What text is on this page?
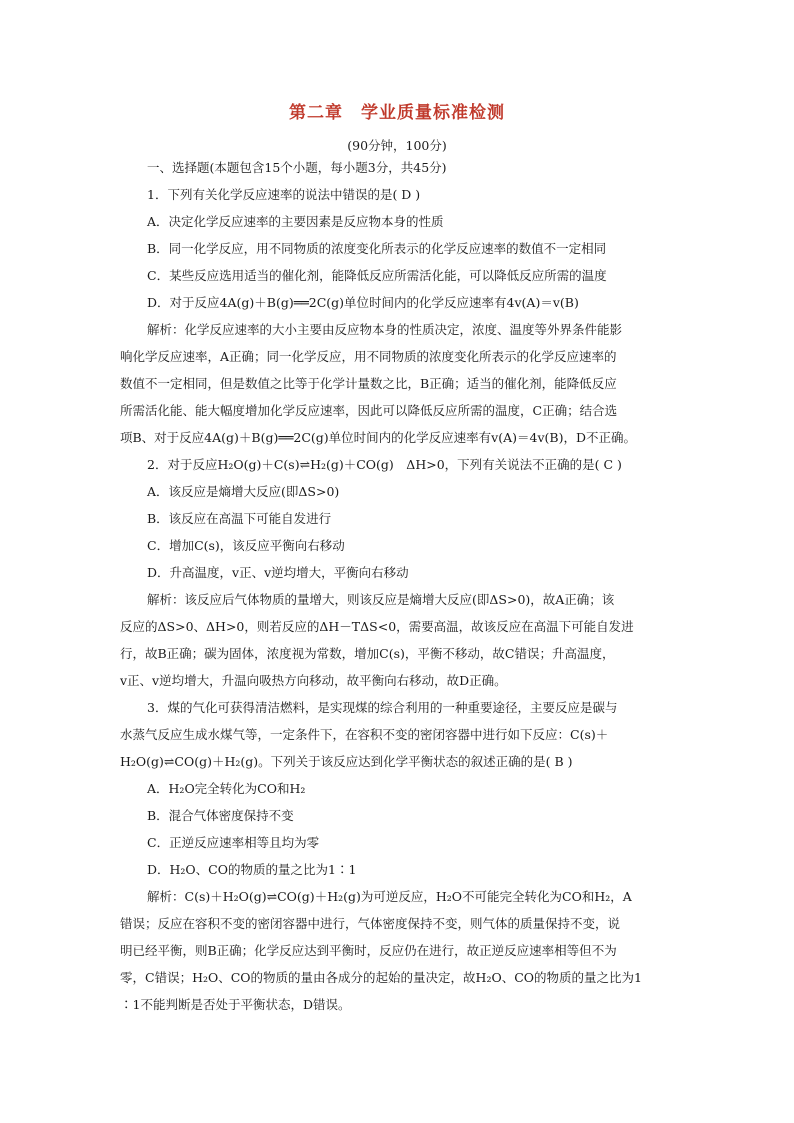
第二章　学业质量标准检测
(90分钟，100分)
一、选择题(本题包含15个小题，每小题3分，共45分)
1．下列有关化学反应速率的说法中错误的是( D )
A．决定化学反应速率的主要因素是反应物本身的性质
B．同一化学反应，用不同物质的浓度变化所表示的化学反应速率的数值不一定相同
C．某些反应选用适当的催化剂，能降低反应所需活化能，可以降低反应所需的温度
D．对于反应4A(g)＋B(g)══2C(g)单位时间内的化学反应速率有4v(A)＝v(B)
解析：化学反应速率的大小主要由反应物本身的性质决定，浓度、温度等外界条件能影
响化学反应速率，A正确；同一化学反应，用不同物质的浓度变化所表示的化学反应速率的
数值不一定相同，但是数值之比等于化学计量数之比，B正确；适当的催化剂，能降低反应
所需活化能、能大幅度增加化学反应速率，因此可以降低反应所需的温度，C正确；结合选
项B、对于反应4A(g)＋B(g)══2C(g)单位时间内的化学反应速率有v(A)＝4v(B)，D不正确。
2．对于反应H₂O(g)＋C(s)⇌H₂(g)＋CO(g)　ΔH>0，下列有关说法不正确的是( C )
A．该反应是熵增大反应(即ΔS>0)
B．该反应在高温下可能自发进行
C．增加C(s)，该反应平衡向右移动
D．升高温度，v正、v逆均增大，平衡向右移动
解析：该反应后气体物质的量增大，则该反应是熵增大反应(即ΔS>0)，故A正确；该
反应的ΔS>0、ΔH>0，则若反应的ΔH－TΔS<0，需要高温，故该反应在高温下可能自发进
行，故B正确；碳为固体，浓度视为常数，增加C(s)，平衡不移动，故C错误；升高温度，
v正、v逆均增大，升温向吸热方向移动，故平衡向右移动，故D正确。
3．煤的气化可获得清洁燃料，是实现煤的综合利用的一种重要途径，主要反应是碳与
水蒸气反应生成水煤气等，一定条件下，在容积不变的密闭容器中进行如下反应：C(s)＋
H₂O(g)⇌CO(g)＋H₂(g)。下列关于该反应达到化学平衡状态的叙述正确的是( B )
A．H₂O完全转化为CO和H₂
B．混合气体密度保持不变
C．正逆反应速率相等且均为零
D．H₂O、CO的物质的量之比为1∶1
解析：C(s)＋H₂O(g)⇌CO(g)＋H₂(g)为可逆反应，H₂O不可能完全转化为CO和H₂，A
错误；反应在容积不变的密闭容器中进行，气体密度保持不变，则气体的质量保持不变，说
明已经平衡，则B正确；化学反应达到平衡时，反应仍在进行，故正逆反应速率相等但不为
零，C错误；H₂O、CO的物质的量由各成分的起始的量决定，故H₂O、CO的物质的量之比为1
∶1不能判断是否处于平衡状态，D错误。
